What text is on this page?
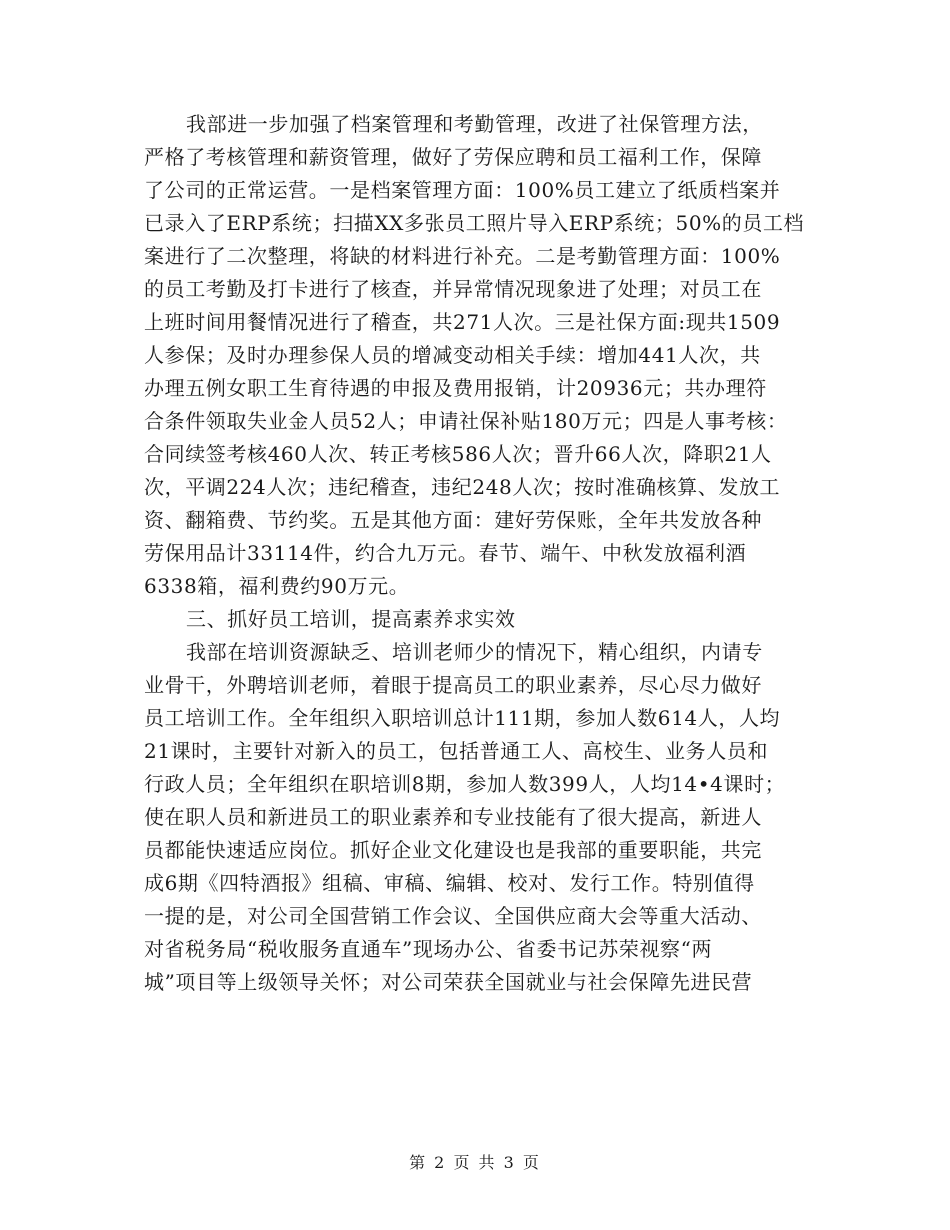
我部进一步加强了档案管理和考勤管理，改进了社保管理方法，
严格了考核管理和薪资管理，做好了劳保应聘和员工福利工作，保障
了公司的正常运营。一是档案管理方面：100%员工建立了纸质档案并
已录入了ERP系统；扫描XX多张员工照片导入ERP系统；50%的员工档
案进行了二次整理，将缺的材料进行补充。二是考勤管理方面：100%
的员工考勤及打卡进行了核查，并异常情况现象进了处理；对员工在
上班时间用餐情况进行了稽查，共271人次。三是社保方面:现共1509
人参保；及时办理参保人员的增减变动相关手续：增加441人次，共
办理五例女职工生育待遇的申报及费用报销，计20936元；共办理符
合条件领取失业金人员52人；申请社保补贴180万元；四是人事考核：
合同续签考核460人次、转正考核586人次；晋升66人次，降职21人
次，平调224人次；违纪稽查，违纪248人次；按时准确核算、发放工
资、翻箱费、节约奖。五是其他方面：建好劳保账，全年共发放各种
劳保用品计33114件，约合九万元。春节、端午、中秋发放福利酒
6338箱，福利费约90万元。
三、抓好员工培训，提高素养求实效
我部在培训资源缺乏、培训老师少的情况下，精心组织，内请专
业骨干，外聘培训老师，着眼于提高员工的职业素养，尽心尽力做好
员工培训工作。全年组织入职培训总计111期，参加人数614人，人均
21课时，主要针对新入的员工，包括普通工人、高校生、业务人员和
行政人员；全年组织在职培训8期，参加人数399人，人均14•4课时；
使在职人员和新进员工的职业素养和专业技能有了很大提高，新进人
员都能快速适应岗位。抓好企业文化建设也是我部的重要职能，共完
成6期《四特酒报》组稿、审稿、编辑、校对、发行工作。特别值得
一提的是，对公司全国营销工作会议、全国供应商大会等重大活动、
对省税务局“税收服务直通车”现场办公、省委书记苏荣视察“两
城”项目等上级领导关怀；对公司荣获全国就业与社会保障先进民营
第 2 页 共 3 页
